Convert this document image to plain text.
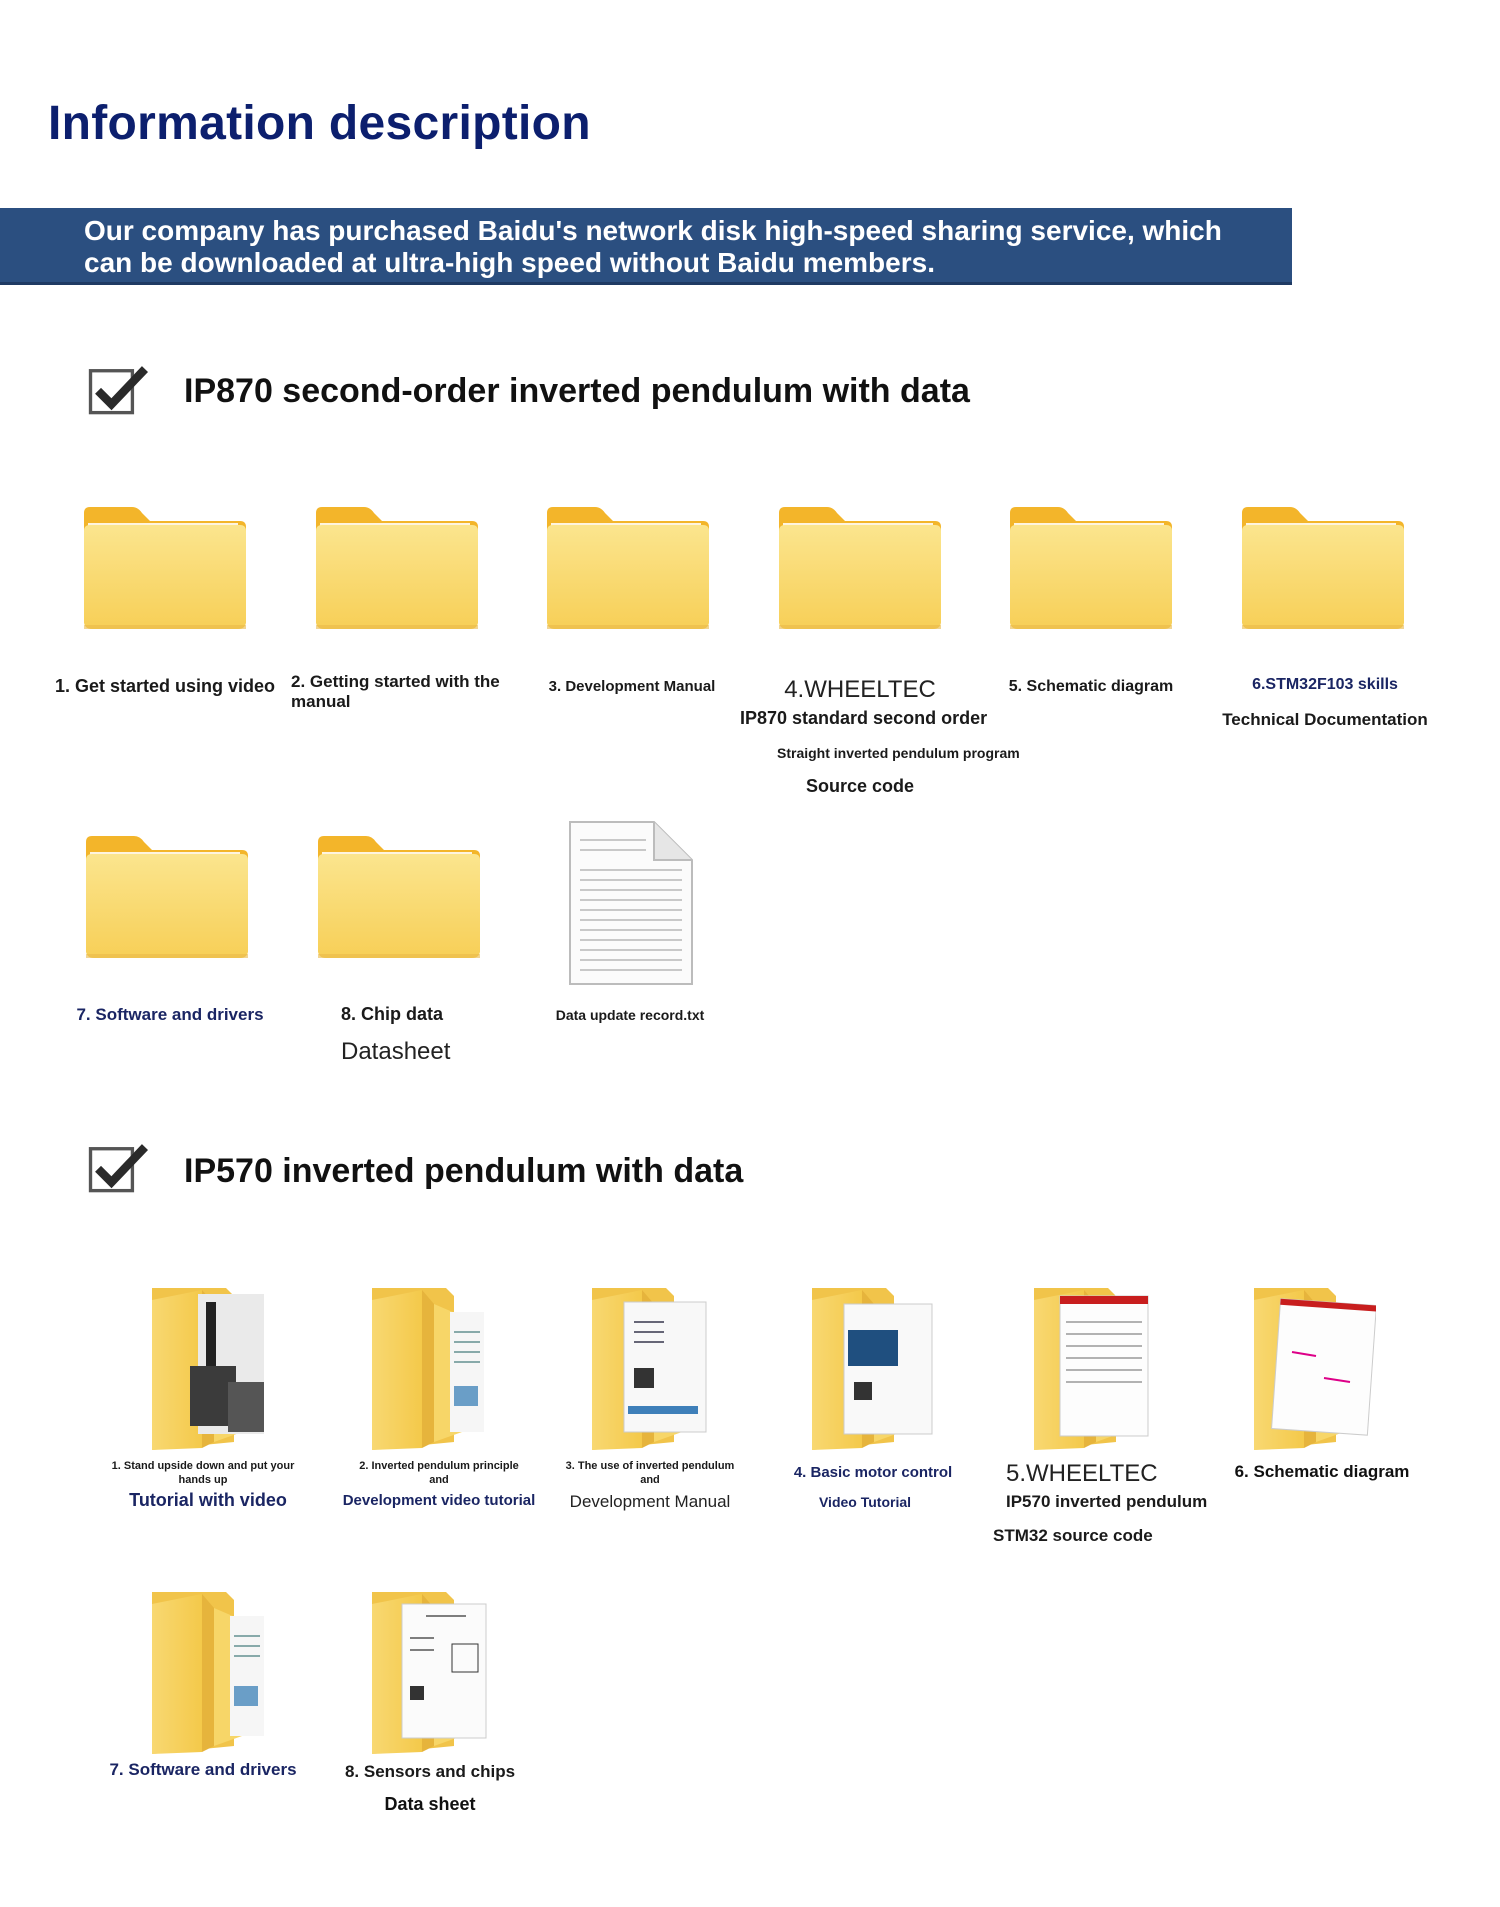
Information description
Our company has purchased Baidu's network disk high-speed sharing service, which can be downloaded at ultra-high speed without Baidu members.
IP870 second-order inverted pendulum with data
1. Get started using video 2. Getting started with the manual
3. Development Manual	4.WHEELTEC
IP870 standard second order
Straight inverted pendulum program
Source code
5. Schematic diagram	6.STM32F103 skills
Technical Documentation
7. Software and drivers	8. Chip data
Datasheet
Data update record.txt
IP570 inverted pendulum with data
1. Stand upside down and put your
hands up
Tutorial with video
2. Inverted pendulum principle
and
Development video tutorial
3. The use of inverted pendulum
and
Development Manual
4. Basic motor control
Video Tutorial
5.WHEELTEC
IP570 inverted pendulum
STM32 source code
6. Schematic diagram
7. Software and drivers	8. Sensors and chips
Data sheet
